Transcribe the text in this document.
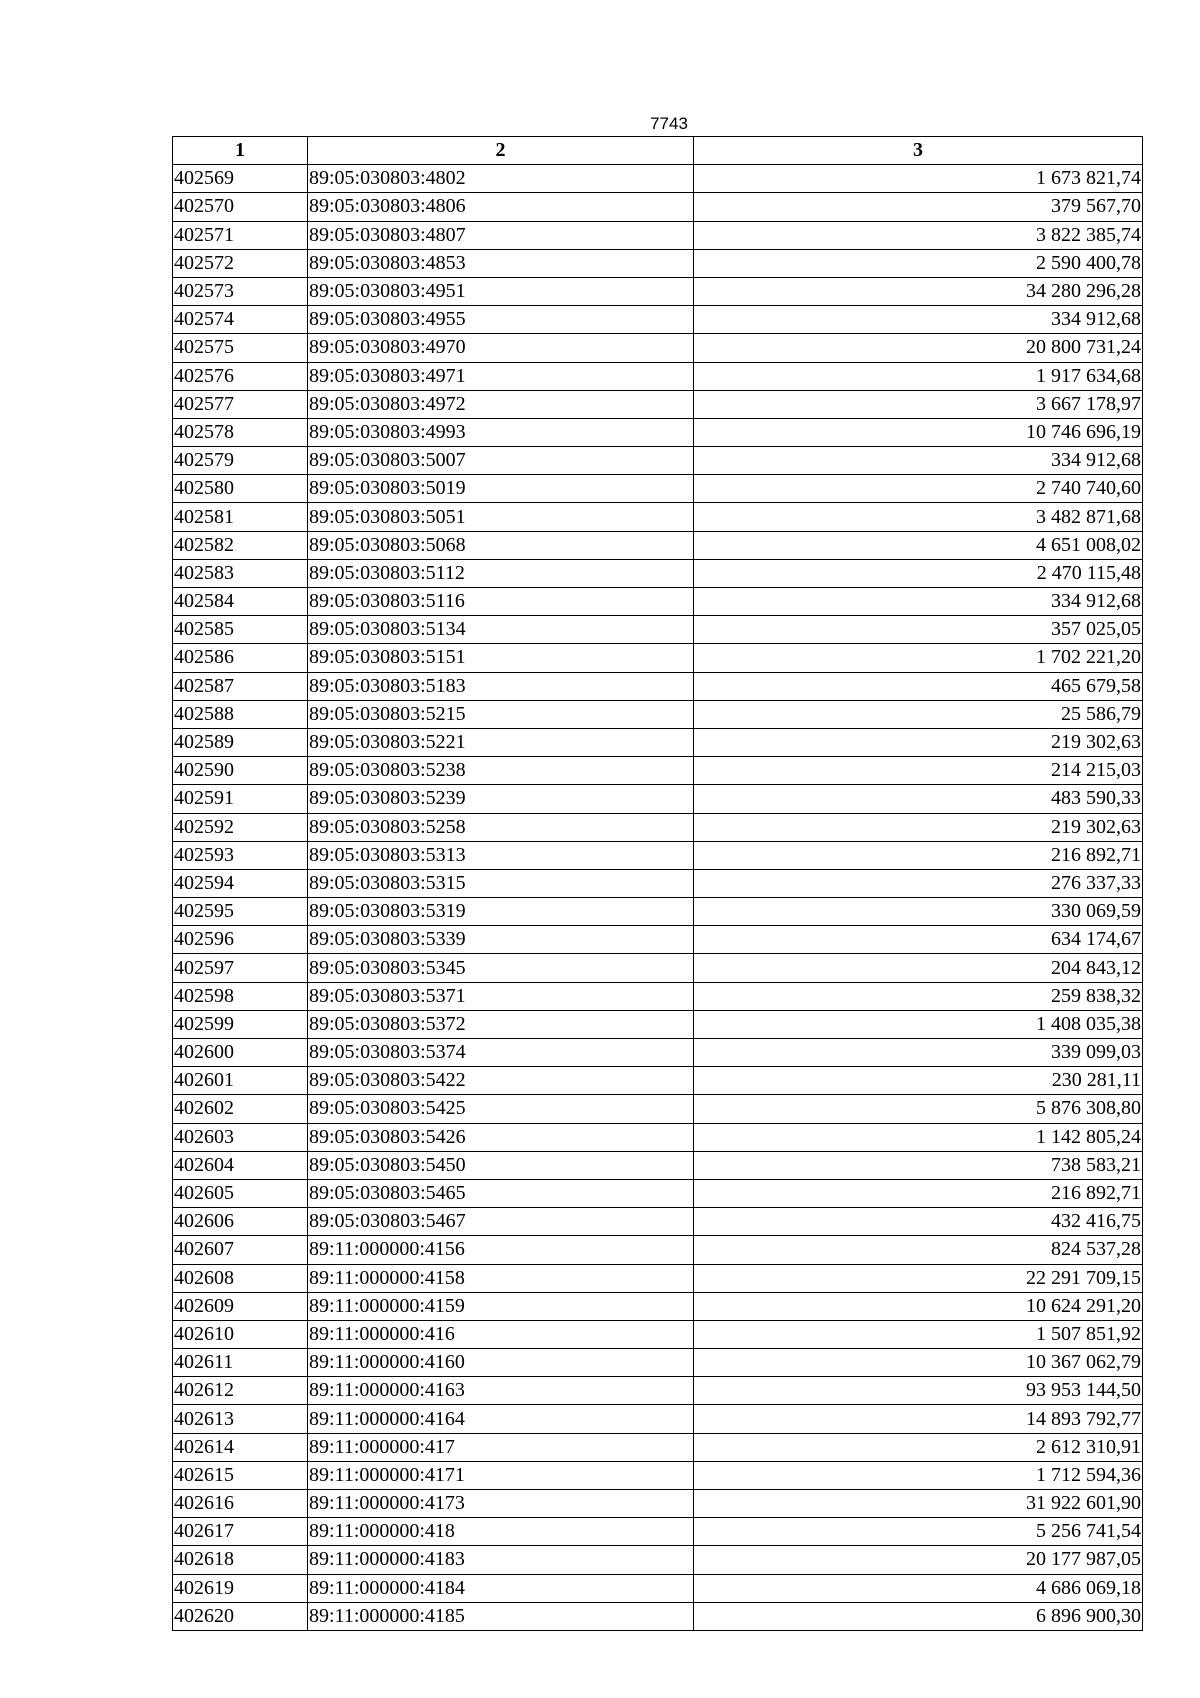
7743
1	2	3
402569	89:05:030803:4802	1 673 821,74
402570	89:05:030803:4806	379 567,70
402571	89:05:030803:4807	3 822 385,74
402572	89:05:030803:4853	2 590 400,78
402573	89:05:030803:4951	34 280 296,28
402574	89:05:030803:4955	334 912,68
402575	89:05:030803:4970	20 800 731,24
402576	89:05:030803:4971	1 917 634,68
402577	89:05:030803:4972	3 667 178,97
402578	89:05:030803:4993	10 746 696,19
402579	89:05:030803:5007	334 912,68
402580	89:05:030803:5019	2 740 740,60
402581	89:05:030803:5051	3 482 871,68
402582	89:05:030803:5068	4 651 008,02
402583	89:05:030803:5112	2 470 115,48
402584	89:05:030803:5116	334 912,68
402585	89:05:030803:5134	357 025,05
402586	89:05:030803:5151	1 702 221,20
402587	89:05:030803:5183	465 679,58
402588	89:05:030803:5215	25 586,79
402589	89:05:030803:5221	219 302,63
402590	89:05:030803:5238	214 215,03
402591	89:05:030803:5239	483 590,33
402592	89:05:030803:5258	219 302,63
402593	89:05:030803:5313	216 892,71
402594	89:05:030803:5315	276 337,33
402595	89:05:030803:5319	330 069,59
402596	89:05:030803:5339	634 174,67
402597	89:05:030803:5345	204 843,12
402598	89:05:030803:5371	259 838,32
402599	89:05:030803:5372	1 408 035,38
402600	89:05:030803:5374	339 099,03
402601	89:05:030803:5422	230 281,11
402602	89:05:030803:5425	5 876 308,80
402603	89:05:030803:5426	1 142 805,24
402604	89:05:030803:5450	738 583,21
402605	89:05:030803:5465	216 892,71
402606	89:05:030803:5467	432 416,75
402607	89:11:000000:4156	824 537,28
402608	89:11:000000:4158	22 291 709,15
402609	89:11:000000:4159	10 624 291,20
402610	89:11:000000:416	1 507 851,92
402611	89:11:000000:4160	10 367 062,79
402612	89:11:000000:4163	93 953 144,50
402613	89:11:000000:4164	14 893 792,77
402614	89:11:000000:417	2 612 310,91
402615	89:11:000000:4171	1 712 594,36
402616	89:11:000000:4173	31 922 601,90
402617	89:11:000000:418	5 256 741,54
402618	89:11:000000:4183	20 177 987,05
402619	89:11:000000:4184	4 686 069,18
402620	89:11:000000:4185	6 896 900,30
